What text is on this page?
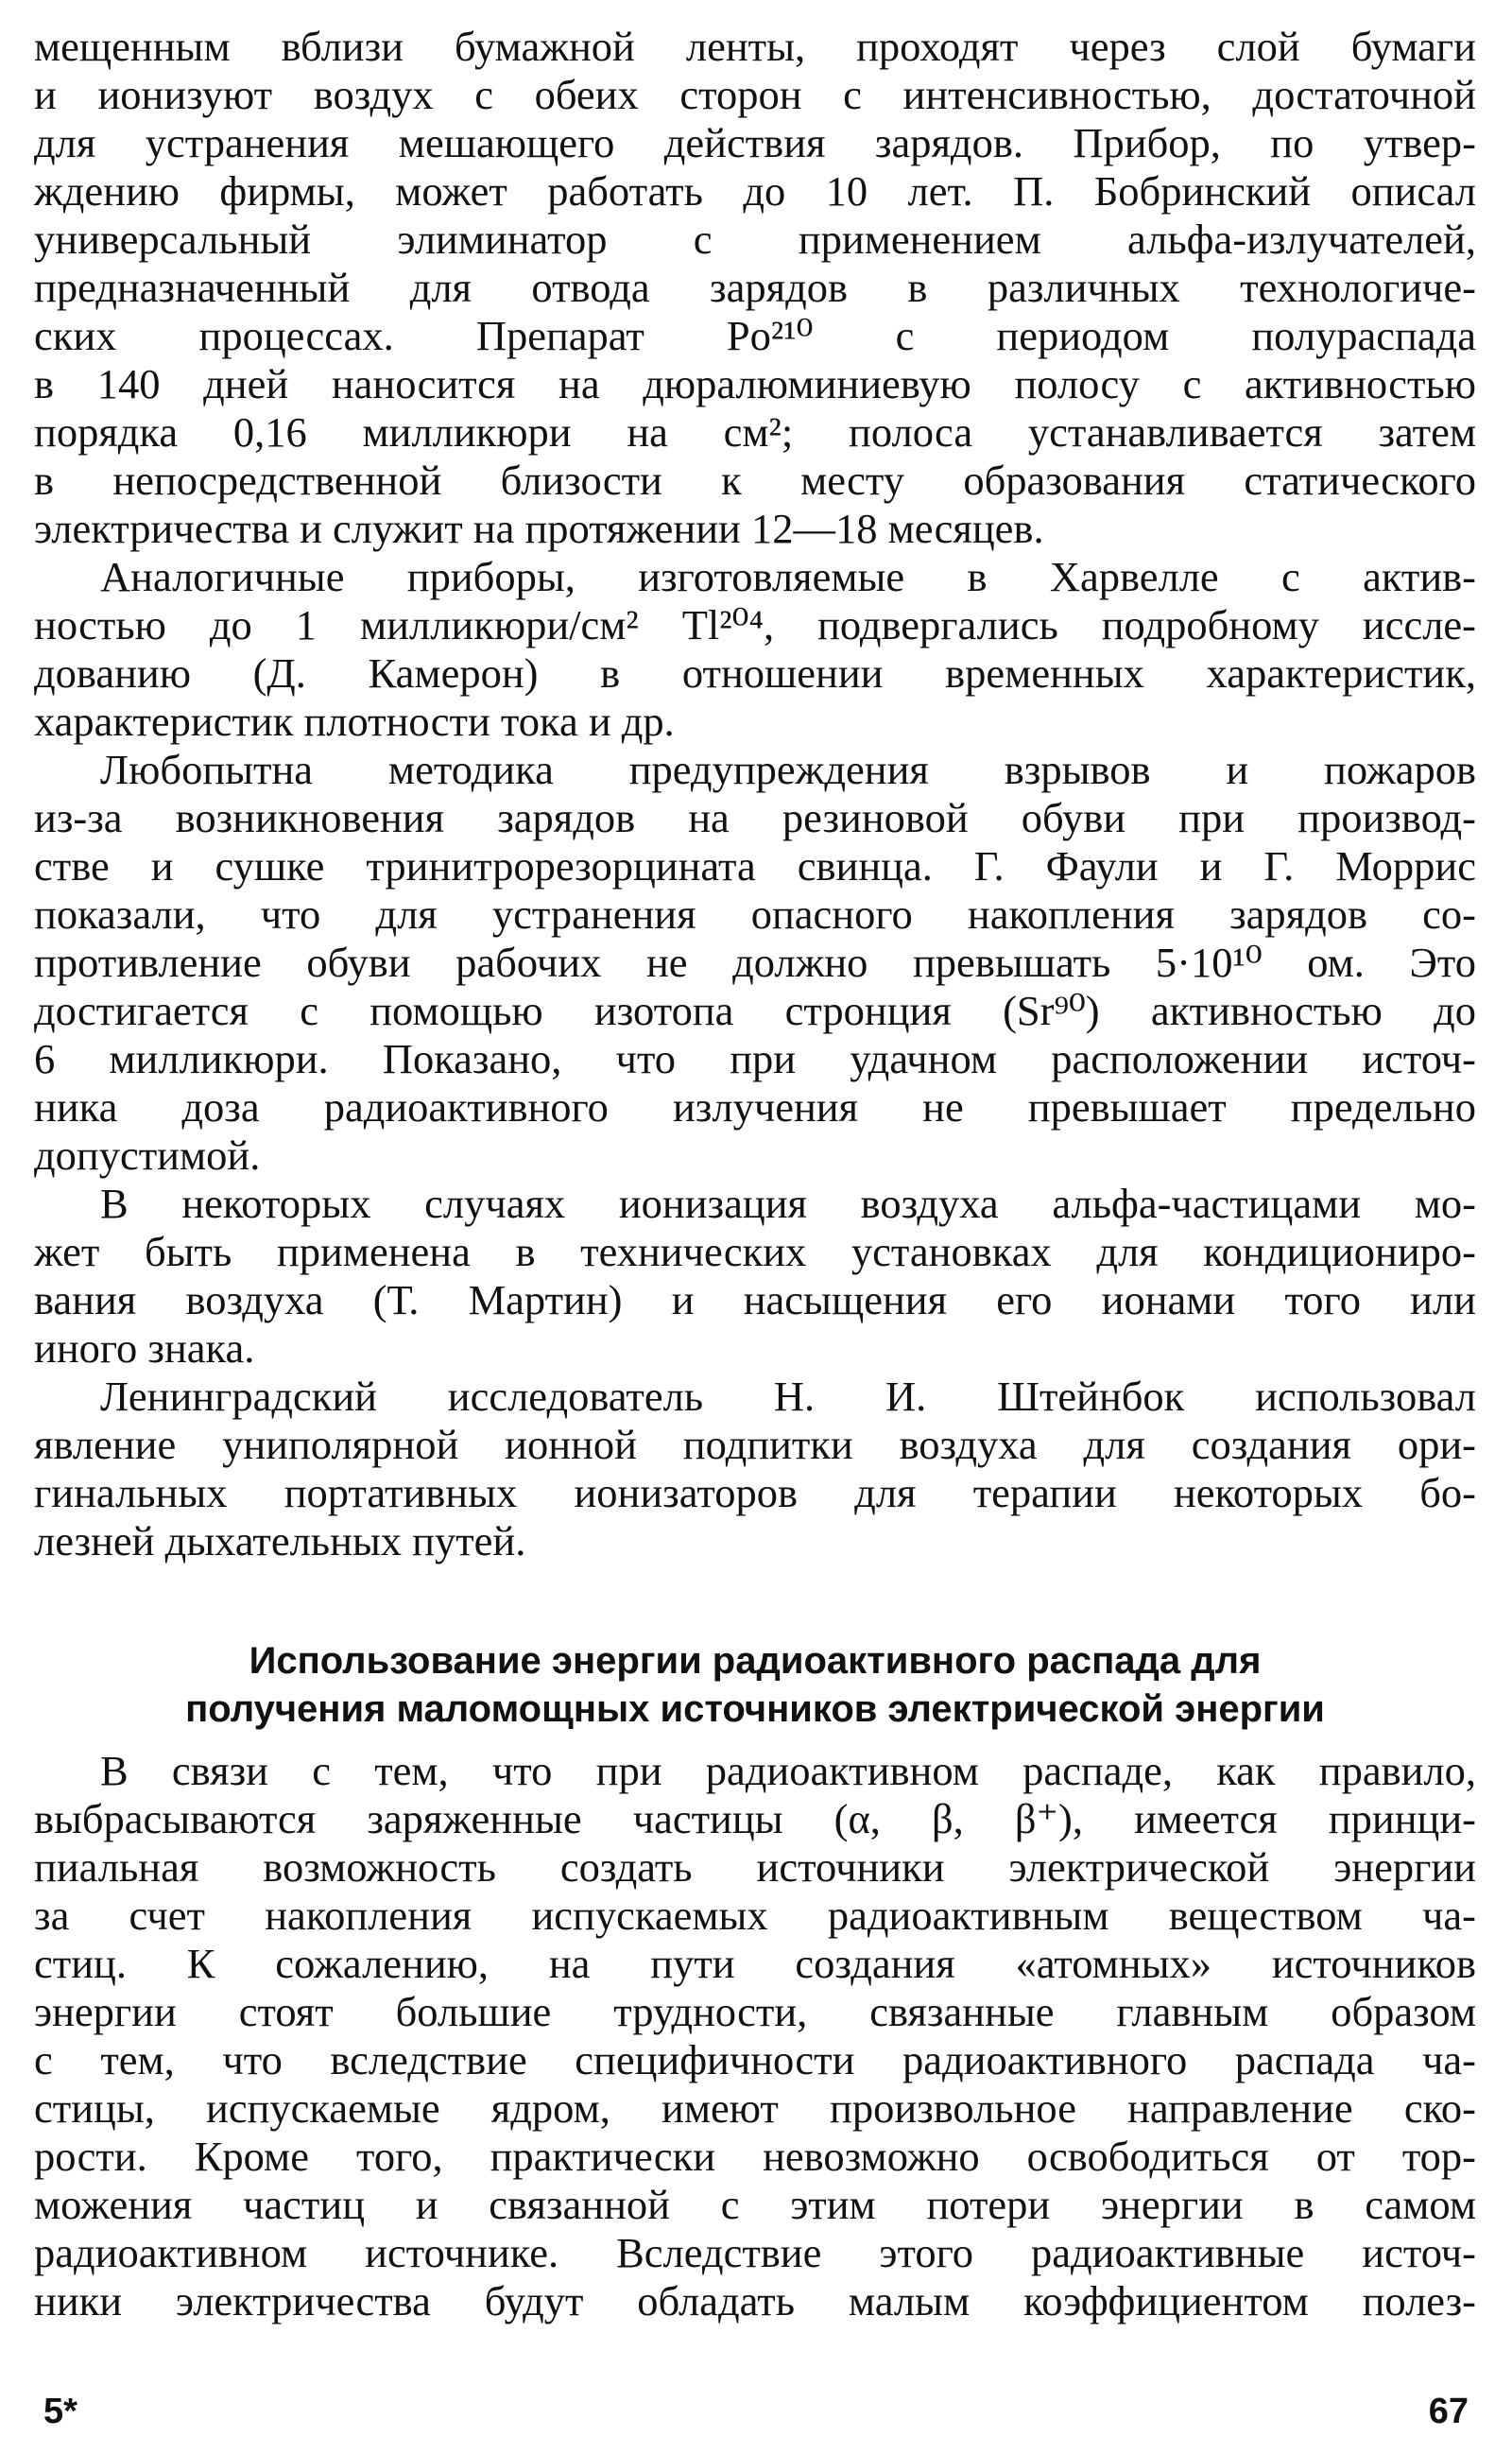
мещенным вблизи бумажной ленты, проходят через слой бумаги
и ионизуют воздух с обеих сторон с интенсивностью, достаточной
для устранения мешающего действия зарядов. Прибор, по утвер-
ждению фирмы, может работать до 10 лет. П. Бобринский описал
универсальный элиминатор с применением альфа-излучателей,
предназначенный для отвода зарядов в различных технологиче-
ских процессах. Препарат Po²¹⁰ с периодом полураспада
в 140 дней наносится на дюралюминиевую полосу с активностью
порядка 0,16 милликюри на см²; полоса устанавливается затем
в непосредственной близости к месту образования статического
электричества и служит на протяжении 12—18 месяцев.

Аналогичные приборы, изготовляемые в Харвелле с актив-
ностью до 1 милликюри/см² Tl²⁰⁴, подвергались подробному иссле-
дованию (Д. Камерон) в отношении временных характеристик,
характеристик плотности тока и др.

Любопытна методика предупреждения взрывов и пожаров
из-за возникновения зарядов на резиновой обуви при производ-
стве и сушке тринитрорезорцината свинца. Г. Фаули и Г. Моррис
показали, что для устранения опасного накопления зарядов со-
противление обуви рабочих не должно превышать 5·10¹⁰ ом. Это
достигается с помощью изотопа стронция (Sr⁹⁰) активностью до
6 милликюри. Показано, что при удачном расположении источ-
ника доза радиоактивного излучения не превышает предельно
допустимой.

В некоторых случаях ионизация воздуха альфа-частицами мо-
жет быть применена в технических установках для кондициониро-
вания воздуха (Т. Мартин) и насыщения его ионами того или
иного знака.

Ленинградский исследователь Н. И. Штейнбок использовал
явление униполярной ионной подпитки воздуха для создания ори-
гинальных портативных ионизаторов для терапии некоторых бо-
лезней дыхательных путей.

Использование энергии радиоактивного распада для
получения маломощных источников электрической энергии

В связи с тем, что при радиоактивном распаде, как правило,
выбрасываются заряженные частицы (α, β, β⁺), имеется принци-
пиальная возможность создать источники электрической энергии
за счет накопления испускаемых радиоактивным веществом ча-
стиц. К сожалению, на пути создания «атомных» источников
энергии стоят большие трудности, связанные главным образом
с тем, что вследствие специфичности радиоактивного распада ча-
стицы, испускаемые ядром, имеют произвольное направление ско-
рости. Кроме того, практически невозможно освободиться от тор-
можения частиц и связанной с этим потери энергии в самом
радиоактивном источнике. Вследствие этого радиоактивные источ-
ники электричества будут обладать малым коэффициентом полез-

5*	67
